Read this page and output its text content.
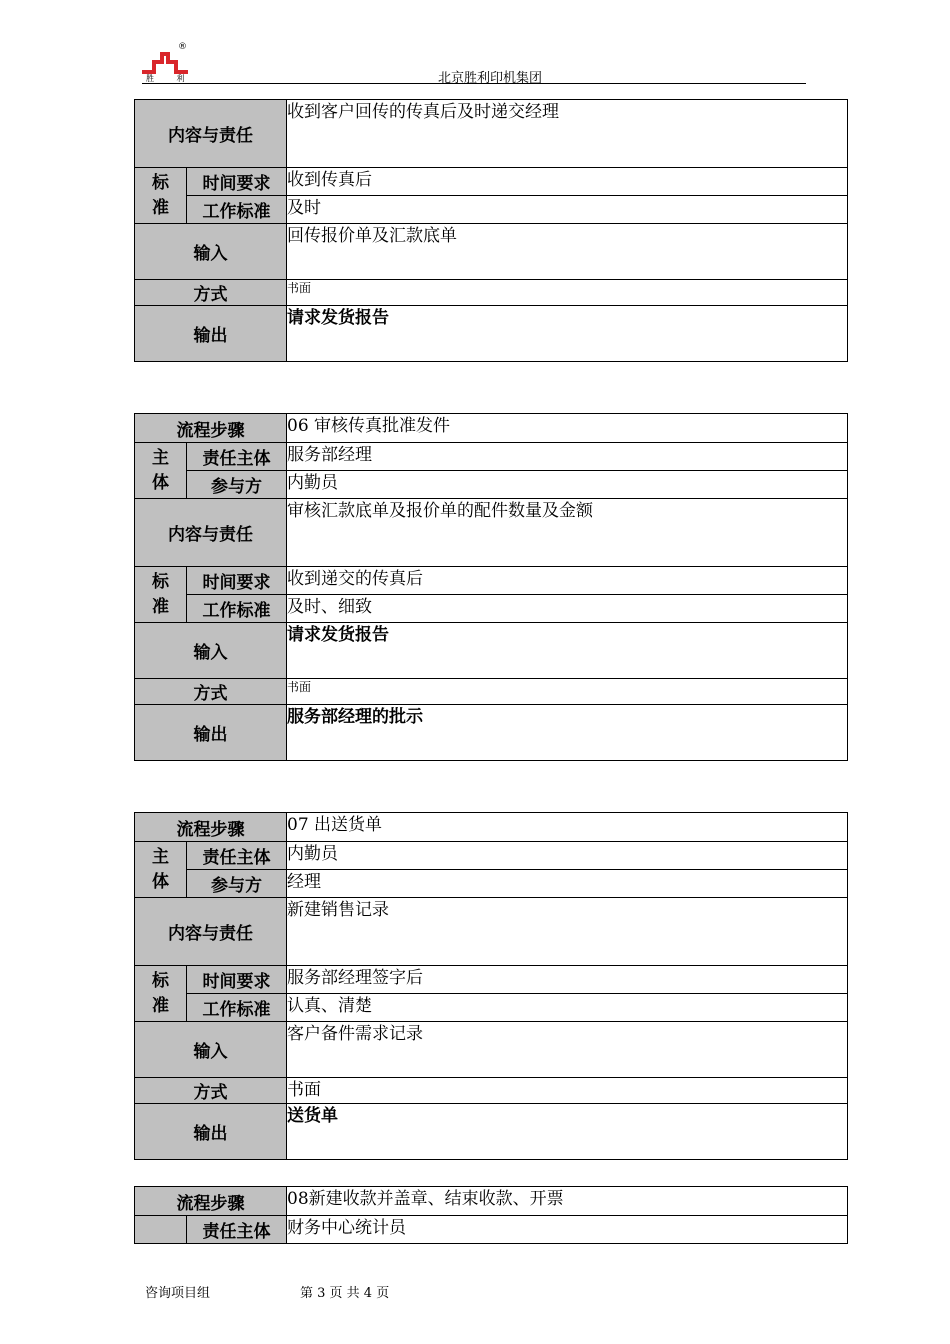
®
胜 利	北京胜利印机集团
内容与责任		收到客户回传的传真后及时递交经理
标准	时间要求	收到传真后
	工作标准	及时
输入		回传报价单及汇款底单
方式		书面
输出		请求发货报告
流程步骤		06 审核传真批准发件
主体	责任主体	服务部经理
	参与方	内勤员
内容与责任		审核汇款底单及报价单的配件数量及金额
标准	时间要求	收到递交的传真后
	工作标准	及时、细致
输入		请求发货报告
方式		书面
输出		服务部经理的批示
流程步骤		07 出送货单
主体	责任主体	内勤员
	参与方	经理
内容与责任		新建销售记录
标准	时间要求	服务部经理签字后
	工作标准	认真、清楚
输入		客户备件需求记录
方式		书面
输出		送货单
流程步骤		08新建收款并盖章、结束收款、开票
	责任主体	财务中心统计员
咨询项目组	第 3 页 共 4 页
